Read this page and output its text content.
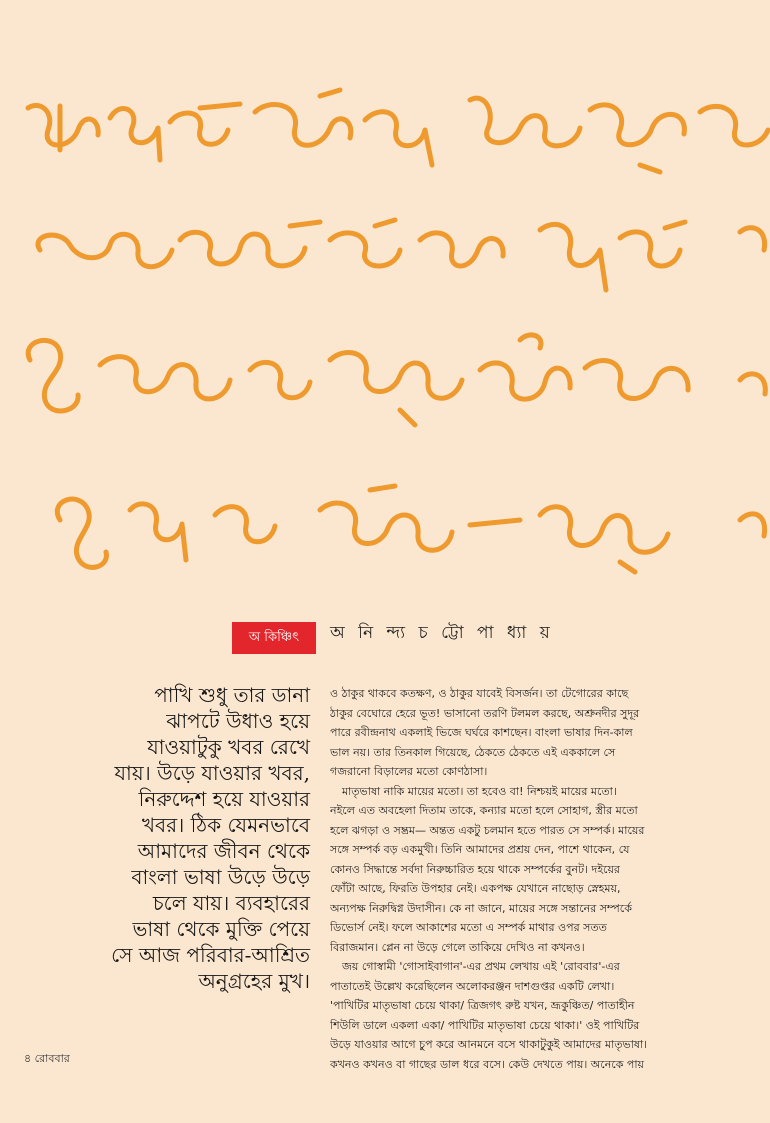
অ কিঞ্চিৎ	অ নি ন্দ্য চ ট্টো পা ধ্যা য়
পাখি শুধু তার ডানা
ঝাপটে উধাও হয়ে
যাওয়াটুকু খবর রেখে
যায়। উড়ে যাওয়ার খবর,
নিরুদ্দেশ হয়ে যাওয়ার
খবর। ঠিক যেমনভাবে
আমাদের জীবন থেকে
বাংলা ভাষা উড়ে উড়ে
চলে যায়। ব্যবহারের
ভাষা থেকে মুক্তি পেয়ে
সে আজ পরিবার-আশ্রিত
অনুগ্রহের মুখ।
ও ঠাকুর থাকবে কতক্ষণ, ও ঠাকুর যাবেই বিসর্জন। তা টেগোরের কাছে
ঠাকুর বেঘোরে হেরে ভূত! ভাসানো তরণি টলমল করছে, অশ্রুনদীর সুদূর
পারে রবীন্দ্রনাথ একলাই ভিজে ঘর্ঘরে কাশছেন। বাংলা ভাষার দিন-কাল
ভাল নয়। তার তিনকাল গিয়েছে, ঠেকতে ঠেকতে এই এককালে সে
গজরানো বিড়ালের মতো কোণঠাসা।
মাতৃভাষা নাকি মায়ের মতো। তা হবেও বা! নিশ্চয়ই মায়ের মতো।
নইলে এত অবহেলা দিতাম তাকে, কন্যার মতো হলে সোহাগ, স্ত্রীর মতো
হলে ঝগড়া ও সম্ভ্রম— অন্তত একটু চলমান হতে পারত সে সম্পর্ক। মায়ের
সঙ্গে সম্পর্ক বড় একমুখী। তিনি আমাদের প্রশ্রয় দেন, পাশে থাকেন, যে
কোনও সিদ্ধান্তে সর্বদা নিরুচ্চারিত হয়ে থাকে সম্পর্কের বুনট। দইয়ের
ফোঁটা আছে, ফিরতি উপহার নেই। একপক্ষ যেখানে নাছোড় স্নেহময়,
অন্যপক্ষ নিরুদ্বিগ্ন উদাসীন। কে না জানে, মায়ের সঙ্গে সন্তানের সম্পর্কে
ডিভোর্স নেই। ফলে আকাশের মতো এ সম্পর্ক মাথার ওপর সতত
বিরাজমান। প্লেন না উড়ে গেলে তাকিয়ে দেখিও না কখনও।
জয় গোস্বামী 'গোসাইবাগান'-এর প্রথম লেখায় এই 'রোববার'-এর
পাতাতেই উল্লেখ করেছিলেন অলোকরঞ্জন দাশগুপ্তর একটি লেখা।
'পাখিটির মাতৃভাষা চেয়ে থাকা/ ত্রিজগৎ রুষ্ট যখন, ভ্রূকুঞ্চিত/ পাতাহীন
শিউলি ডালে একলা একা/ পাখিটির মাতৃভাষা চেয়ে থাকা।' ওই পাখিটির
উড়ে যাওয়ার আগে চুপ করে আনমনে বসে থাকাটুকুই আমাদের মাতৃভাষা।
কখনও কখনও বা গাছের ডাল ধরে বসে। কেউ দেখতে পায়। অনেকে পায়
৪ রোববার
